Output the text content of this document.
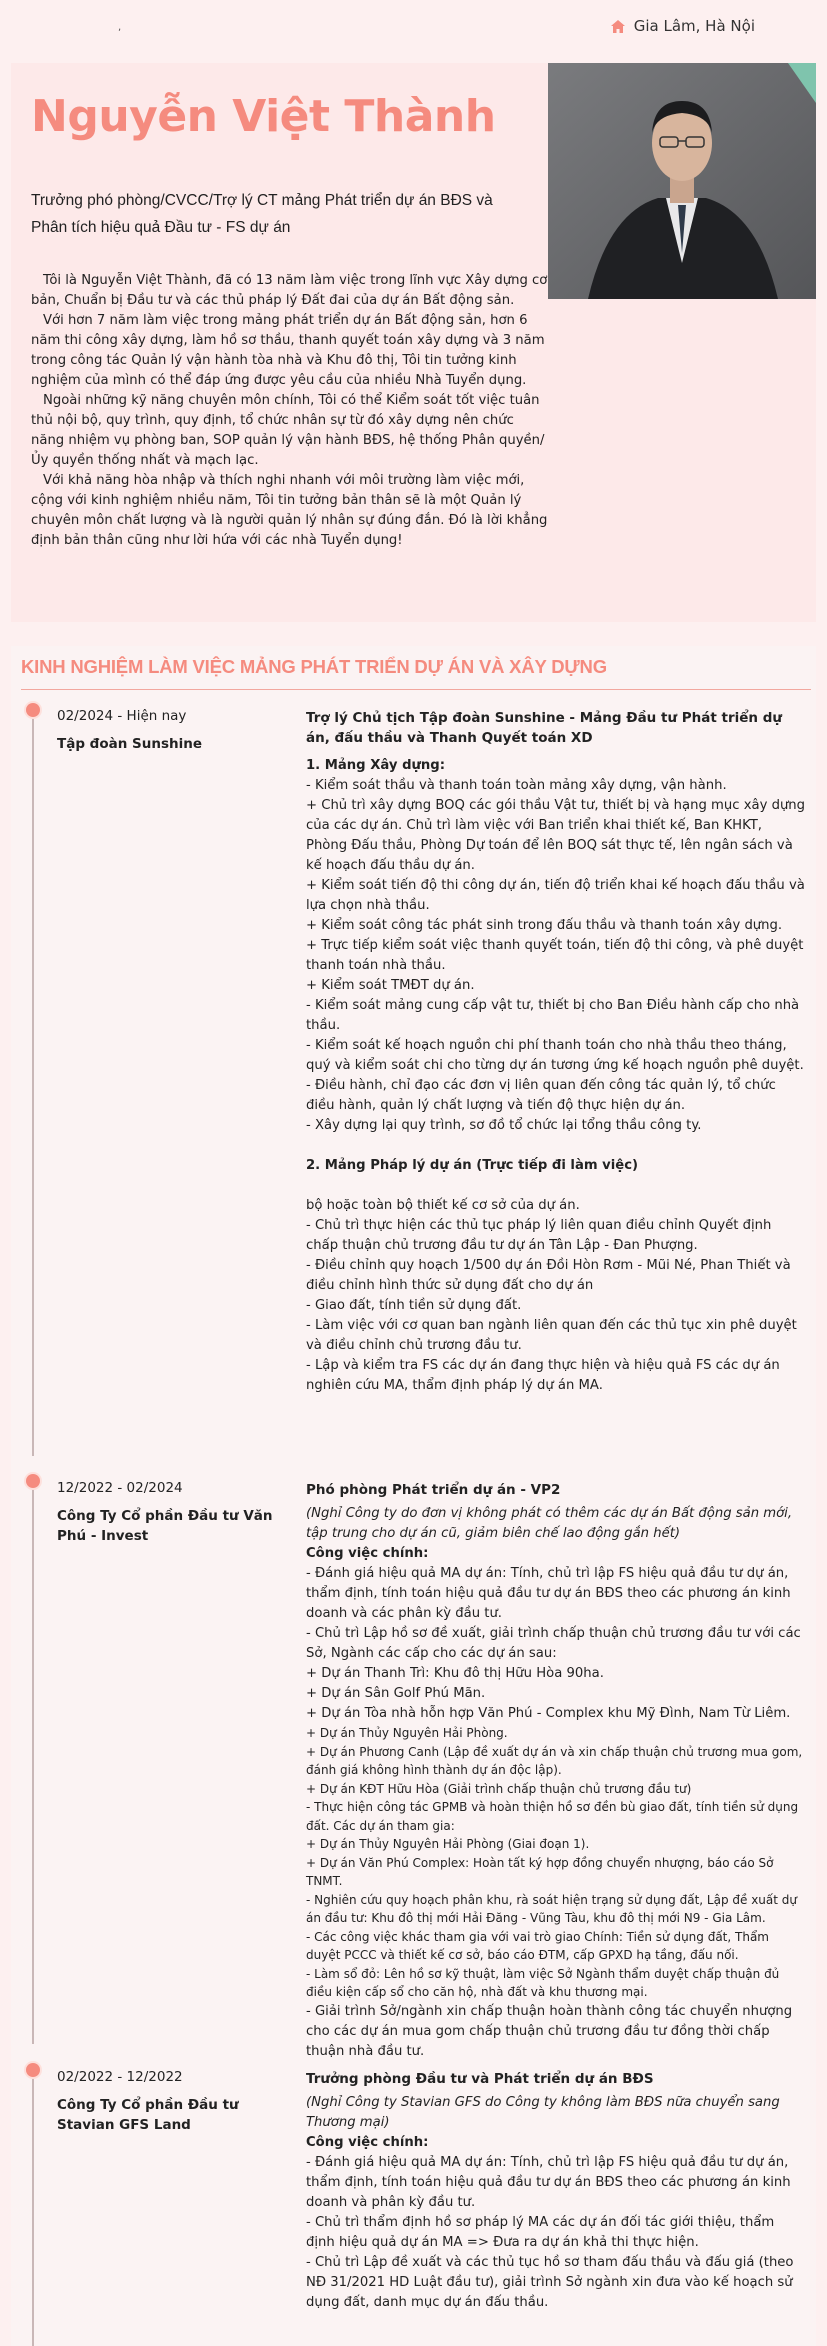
,	Gia Lâm, Hà Nội
Nguyễn Việt Thành
Trưởng phó phòng/CVCC/Trợ lý CT mảng Phát triển dự án BĐS và Phân tích hiệu quả Đầu tư - FS dự án

Tôi là Nguyễn Việt Thành, đã có 13 năm làm việc trong lĩnh vực Xây dựng cơ bản, Chuẩn bị Đầu tư và các thủ pháp lý Đất đai của dự án Bất động sản.

Với hơn 7 năm làm việc trong mảng phát triển dự án Bất động sản, hơn 6 năm thi công xây dựng, làm hồ sơ thầu, thanh quyết toán xây dựng và 3 năm trong công tác Quản lý vận hành tòa nhà và Khu đô thị, Tôi tin tưởng kinh nghiệm của mình có thể đáp ứng được yêu cầu của nhiều Nhà Tuyển dụng.

Ngoài những kỹ năng chuyên môn chính, Tôi có thể Kiểm soát tốt việc tuân thủ nội bộ, quy trình, quy định, tổ chức nhân sự từ đó xây dựng nên chức năng nhiệm vụ phòng ban, SOP quản lý vận hành BĐS, hệ thống Phân quyền/Ủy quyền thống nhất và mạch lạc.

Với khả năng hòa nhập và thích nghi nhanh với môi trường làm việc mới, cộng với kinh nghiệm nhiều năm, Tôi tin tưởng bản thân sẽ là một Quản lý chuyên môn chất lượng và là người quản lý nhân sự đúng đắn. Đó là lời khẳng định bản thân cũng như lời hứa với các nhà Tuyển dụng!

KINH NGHIỆM LÀM VIỆC MẢNG PHÁT TRIỂN DỰ ÁN VÀ XÂY DỰNG
02/2024 - Hiện nay
Tập đoàn Sunshine

Trợ lý Chủ tịch Tập đoàn Sunshine - Mảng Đầu tư Phát triển dự án, đấu thầu và Thanh Quyết toán XD

1. Mảng Xây dựng:

- Kiểm soát thầu và thanh toán toàn mảng xây dựng, vận hành.

+ Chủ trì xây dựng BOQ các gói thầu Vật tư, thiết bị và hạng mục xây dựng của các dự án. Chủ trì làm việc với Ban triển khai thiết kế, Ban KHKT, Phòng Đấu thầu, Phòng Dự toán để lên BOQ sát thực tế, lên ngân sách và kế hoạch đấu thầu dự án.

+ Kiểm soát tiến độ thi công dự án, tiến độ triển khai kế hoạch đấu thầu và lựa chọn nhà thầu.

+ Kiểm soát công tác phát sinh trong đấu thầu và thanh toán xây dựng.

+ Trực tiếp kiểm soát việc thanh quyết toán, tiến độ thi công, và phê duyệt thanh toán nhà thầu.

+ Kiểm soát TMĐT dự án.

- Kiểm soát mảng cung cấp vật tư, thiết bị cho Ban Điều hành cấp cho nhà thầu.

- Kiểm soát kế hoạch nguồn chi phí thanh toán cho nhà thầu theo tháng, quý và kiểm soát chi cho từng dự án tương ứng kế hoạch nguồn phê duyệt.

- Điều hành, chỉ đạo các đơn vị liên quan đến công tác quản lý, tổ chức điều hành, quản lý chất lượng và tiến độ thực hiện dự án.

- Xây dựng lại quy trình, sơ đồ tổ chức lại tổng thầu công ty.

2. Mảng Pháp lý dự án (Trực tiếp đi làm việc)

bộ hoặc toàn bộ thiết kế cơ sở của dự án.

- Chủ trì thực hiện các thủ tục pháp lý liên quan điều chỉnh Quyết định chấp thuận chủ trương đầu tư dự án Tân Lập - Đan Phượng.

- Điều chỉnh quy hoạch 1/500 dự án Đồi Hòn Rơm - Mũi Né, Phan Thiết và điều chỉnh hình thức sử dụng đất cho dự án

- Giao đất, tính tiền sử dụng đất.

- Làm việc với cơ quan ban ngành liên quan đến các thủ tục xin phê duyệt và điều chỉnh chủ trương đầu tư.

- Lập và kiểm tra FS các dự án đang thực hiện và hiệu quả FS các dự án nghiên cứu MA, thẩm định pháp lý dự án MA.

12/2022 - 02/2024
Công Ty Cổ phần Đầu tư Văn Phú - Invest

Phó phòng Phát triển dự án - VP2

(Nghỉ Công ty do đơn vị không phát có thêm các dự án Bất động sản mới, tập trung cho dự án cũ, giảm biên chế lao động gắn hết)

Công việc chính:

- Đánh giá hiệu quả MA dự án: Tính, chủ trì lập FS hiệu quả đầu tư dự án, thẩm định, tính toán hiệu quả đầu tư dự án BĐS theo các phương án kinh doanh và các phân kỳ đầu tư.

- Chủ trì Lập hồ sơ đề xuất, giải trình chấp thuận chủ trương đầu tư với các Sở, Ngành các cấp cho các dự án sau:

+ Dự án Thanh Trì: Khu đô thị Hữu Hòa 90ha.

+ Dự án Sân Golf Phú Mãn.

+ Dự án Tòa nhà hỗn hợp Văn Phú - Complex khu Mỹ Đình, Nam Từ Liêm.

+ Dự án Thủy Nguyên Hải Phòng.

+ Dự án Phương Canh (Lập đề xuất dự án và xin chấp thuận chủ trương mua gom, đánh giá không hình thành dự án độc lập).

+ Dự án KĐT Hữu Hòa (Giải trình chấp thuận chủ trương đầu tư)

- Thực hiện công tác GPMB và hoàn thiện hồ sơ đền bù giao đất, tính tiền sử dụng đất. Các dự án tham gia:

+ Dự án Thủy Nguyên Hải Phòng (Giai đoạn 1).

+ Dự án Văn Phú Complex: Hoàn tất ký hợp đồng chuyển nhượng, báo cáo Sở TNMT.

- Nghiên cứu quy hoạch phân khu, rà soát hiện trạng sử dụng đất, Lập đề xuất dự án đầu tư: Khu đô thị mới Hải Đăng - Vũng Tàu, khu đô thị mới N9 - Gia Lâm.

- Các công việc khác tham gia với vai trò giao Chính: Tiền sử dụng đất, Thẩm duyệt PCCC và thiết kế cơ sở, báo cáo ĐTM, cấp GPXD hạ tầng, đấu nối.

- Làm sổ đỏ: Lên hồ sơ kỹ thuật, làm việc Sở Ngành thẩm duyệt chấp thuận đủ điều kiện cấp sổ cho căn hộ, nhà đất và khu thương mại.

- Giải trình Sở/ngành xin chấp thuận hoàn thành công tác chuyển nhượng cho các dự án mua gom chấp thuận chủ trương đầu tư đồng thời chấp thuận nhà đầu tư.

02/2022 - 12/2022
Công Ty Cổ phần Đầu tư Stavian GFS Land

Trưởng phòng Đầu tư và Phát triển dự án BĐS

(Nghỉ Công ty Stavian GFS do Công ty không làm BĐS nữa chuyển sang Thương mại)

Công việc chính:

- Đánh giá hiệu quả MA dự án: Tính, chủ trì lập FS hiệu quả đầu tư dự án, thẩm định, tính toán hiệu quả đầu tư dự án BĐS theo các phương án kinh doanh và phân kỳ đầu tư.

- Chủ trì thẩm định hồ sơ pháp lý MA các dự án đối tác giới thiệu, thẩm định hiệu quả dự án MA => Đưa ra dự án khả thi thực hiện.

- Chủ trì Lập đề xuất và các thủ tục hồ sơ tham đấu thầu và đấu giá (theo NĐ 31/2021 HD Luật đầu tư), giải trình Sở ngành xin đưa vào kế hoạch sử dụng đất, danh mục dự án đấu thầu.
